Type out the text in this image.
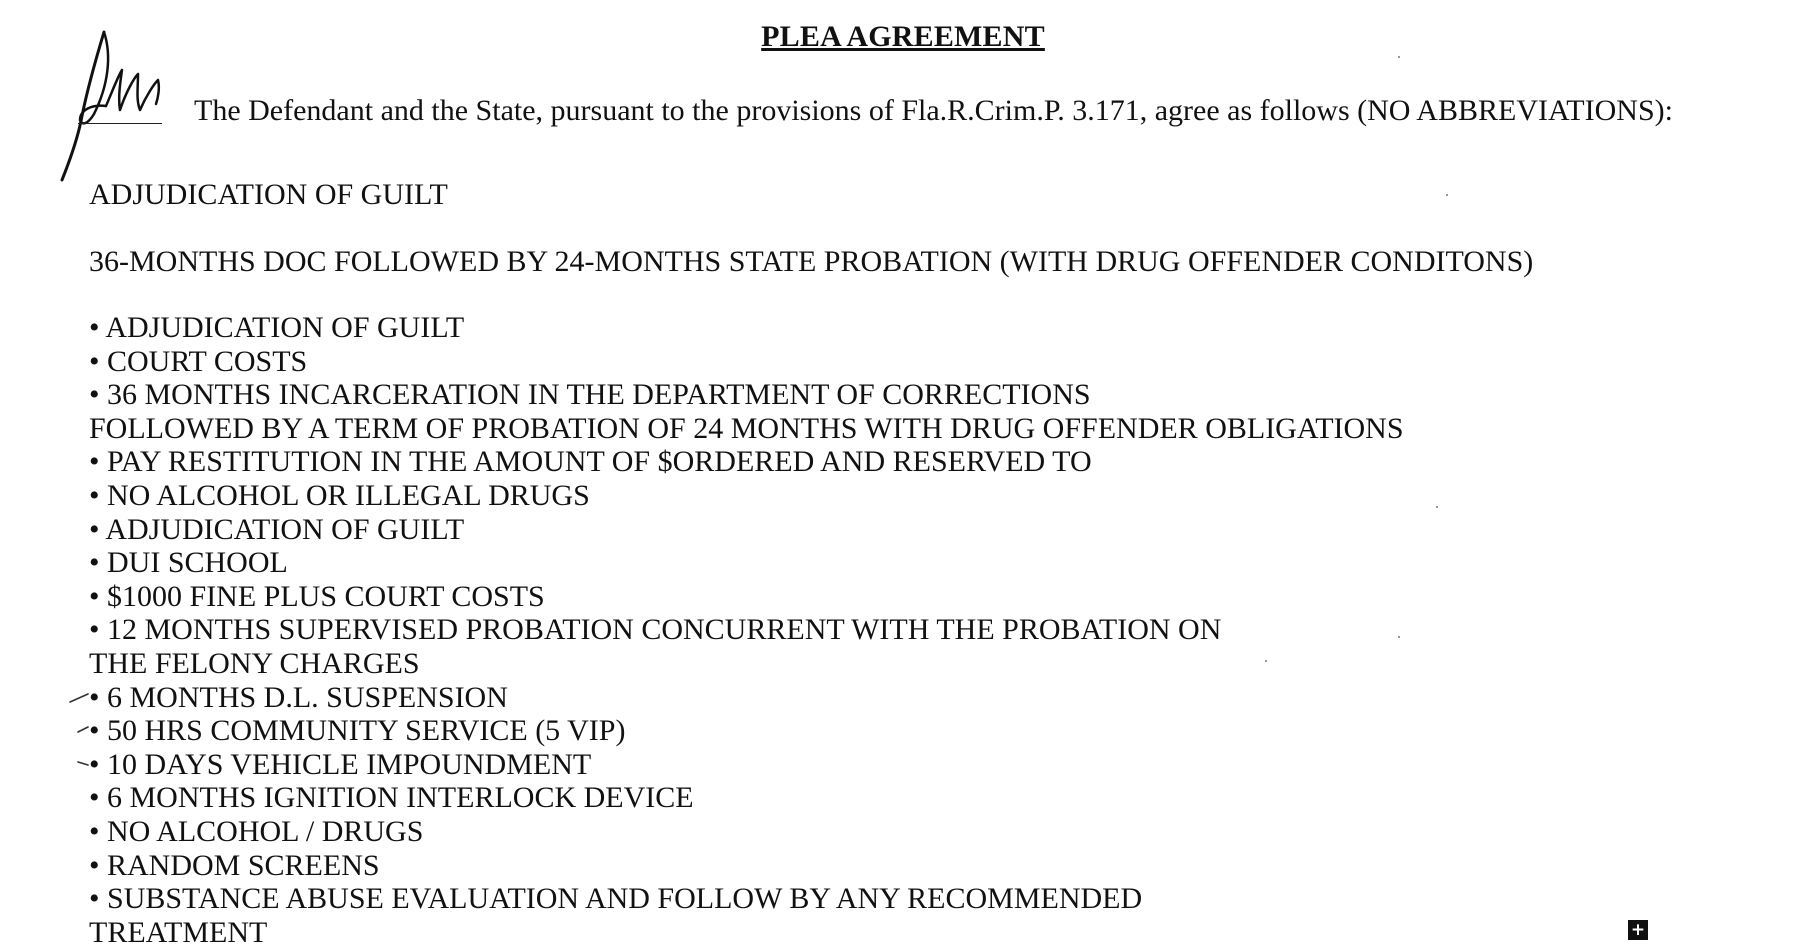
PLEA AGREEMENT
The Defendant and the State, pursuant to the provisions of Fla.R.Crim.P. 3.171, agree as follows (NO ABBREVIATIONS):
ADJUDICATION OF GUILT
36-MONTHS DOC FOLLOWED BY 24-MONTHS STATE PROBATION (WITH DRUG OFFENDER CONDITONS)
• ADJUDICATION OF GUILT
• COURT COSTS
• 36 MONTHS INCARCERATION IN THE DEPARTMENT OF CORRECTIONS
FOLLOWED BY A TERM OF PROBATION OF 24 MONTHS WITH DRUG OFFENDER OBLIGATIONS
• PAY RESTITUTION IN THE AMOUNT OF $ORDERED AND RESERVED TO
• NO ALCOHOL OR ILLEGAL DRUGS
• ADJUDICATION OF GUILT
• DUI SCHOOL
• $1000 FINE PLUS COURT COSTS
• 12 MONTHS SUPERVISED PROBATION CONCURRENT WITH THE PROBATION ON
THE FELONY CHARGES
• 6 MONTHS D.L. SUSPENSION
• 50 HRS COMMUNITY SERVICE (5 VIP)
• 10 DAYS VEHICLE IMPOUNDMENT
• 6 MONTHS IGNITION INTERLOCK DEVICE
• NO ALCOHOL / DRUGS
• RANDOM SCREENS
• SUBSTANCE ABUSE EVALUATION AND FOLLOW BY ANY RECOMMENDED
TREATMENT	+
